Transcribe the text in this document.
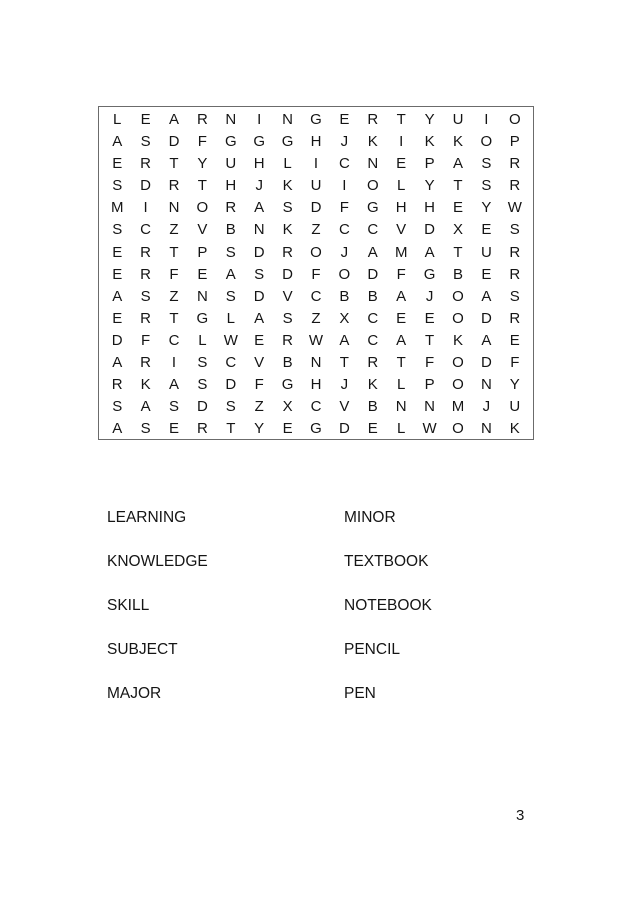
L	E	A	R	N	I	N	G	E	R	T	Y	U	I	O
A	S	D	F	G	G	G	H	J	K	I	K	K	O	P
E	R	T	Y	U	H	L	I	C	N	E	P	A	S	R
S	D	R	T	H	J	K	U	I	O	L	Y	T	S	R
M	I	N	O	R	A	S	D	F	G	H	H	E	Y	W
S	C	Z	V	B	N	K	Z	C	C	V	D	X	E	S
E	R	T	P	S	D	R	O	J	A	M	A	T	U	R
E	R	F	E	A	S	D	F	O	D	F	G	B	E	R
A	S	Z	N	S	D	V	C	B	B	A	J	O	A	S
E	R	T	G	L	A	S	Z	X	C	E	E	O	D	R
D	F	C	L	W	E	R	W	A	C	A	T	K	A	E
A	R	I	S	C	V	B	N	T	R	T	F	O	D	F
R	K	A	S	D	F	G	H	J	K	L	P	O	N	Y
S	A	S	D	S	Z	X	C	V	B	N	N	M	J	U
A	S	E	R	T	Y	E	G	D	E	L	W	O	N	K
LEARNING
KNOWLEDGE
SKILL
SUBJECT
MAJOR
MINOR
TEXTBOOK
NOTEBOOK
PENCIL
PEN
3
